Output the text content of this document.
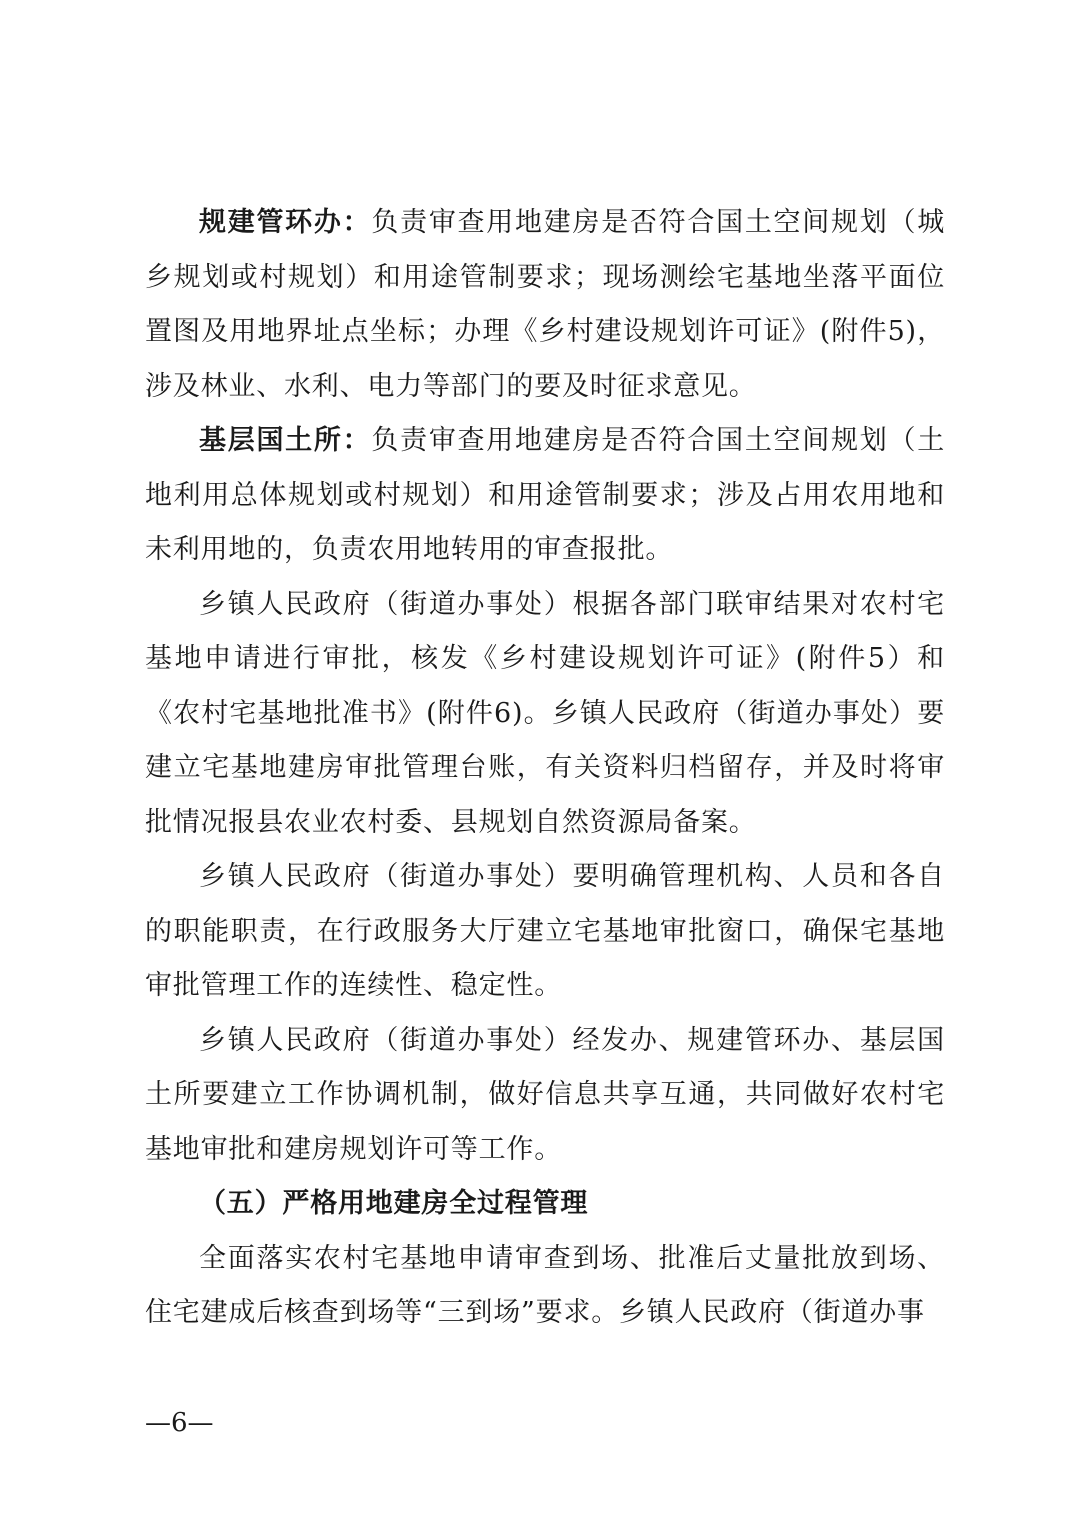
规建管环办：负责审查用地建房是否符合国土空间规划（城乡规划或村规划）和用途管制要求；现场测绘宅基地坐落平面位置图及用地界址点坐标；办理《乡村建设规划许可证》(附件5)，涉及林业、水利、电力等部门的要及时征求意见。

基层国土所：负责审查用地建房是否符合国土空间规划（土地利用总体规划或村规划）和用途管制要求；涉及占用农用地和未利用地的，负责农用地转用的审查报批。

乡镇人民政府（街道办事处）根据各部门联审结果对农村宅基地申请进行审批，核发《乡村建设规划许可证》(附件5）和《农村宅基地批准书》(附件6)。乡镇人民政府（街道办事处）要建立宅基地建房审批管理台账，有关资料归档留存，并及时将审批情况报县农业农村委、县规划自然资源局备案。

乡镇人民政府（街道办事处）要明确管理机构、人员和各自的职能职责，在行政服务大厅建立宅基地审批窗口，确保宅基地审批管理工作的连续性、稳定性。

乡镇人民政府（街道办事处）经发办、规建管环办、基层国土所要建立工作协调机制，做好信息共享互通，共同做好农村宅基地审批和建房规划许可等工作。

（五）严格用地建房全过程管理

全面落实农村宅基地申请审查到场、批准后丈量批放到场、住宅建成后核查到场等“三到场”要求。乡镇人民政府（街道办事

—6—
